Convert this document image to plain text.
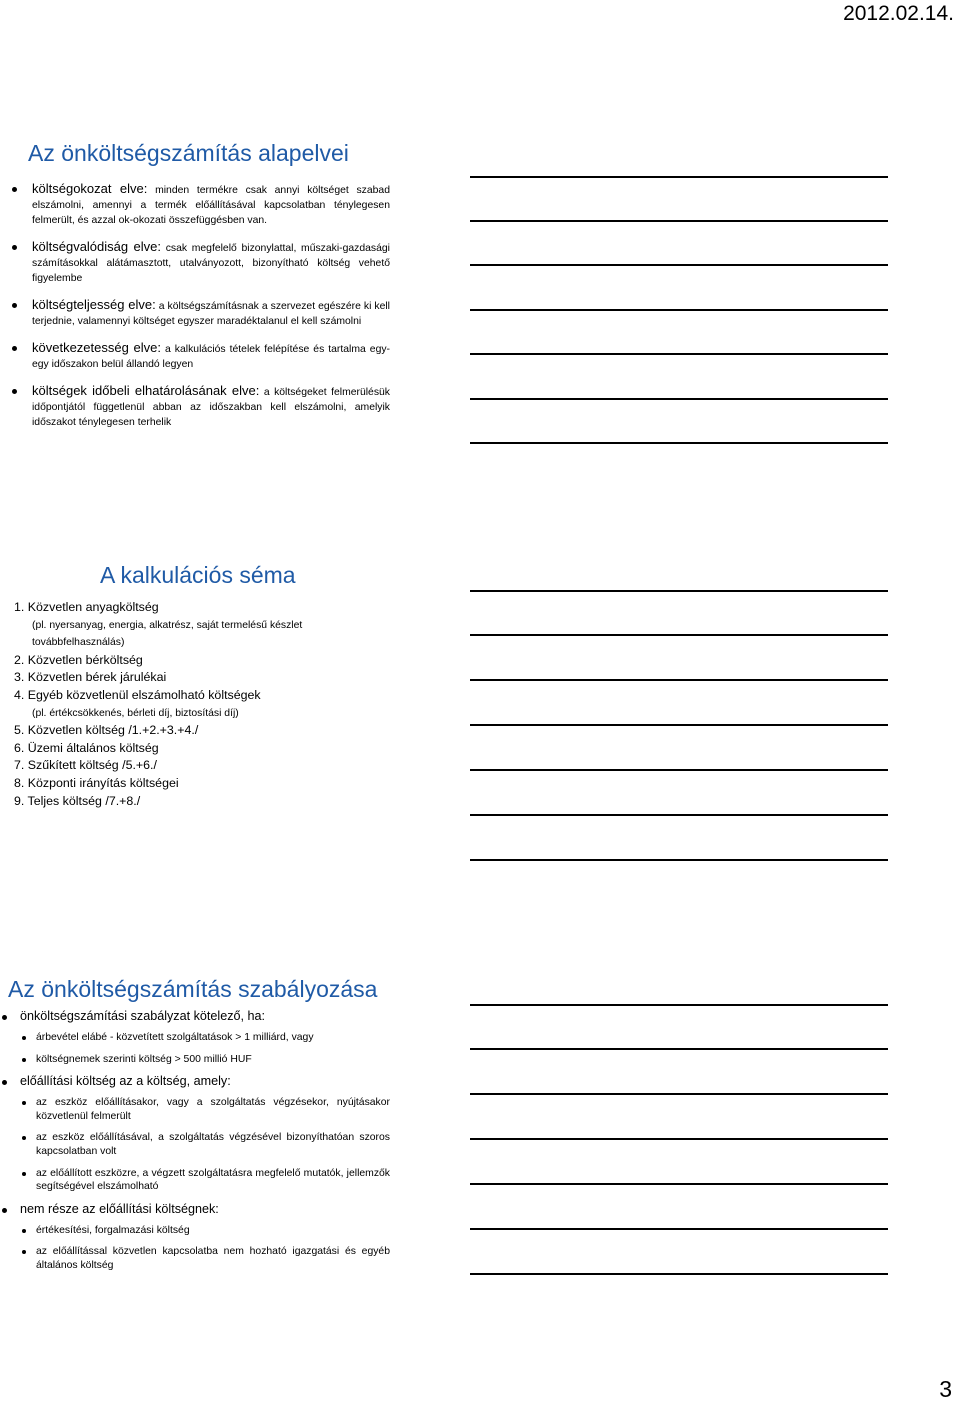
2012.02.14.
Az önköltségszámítás alapelvei
költségokozat elve: minden termékre csak annyi költséget szabad elszámolni, amennyi a termék előállításával kapcsolatban ténylegesen felmerült, és azzal ok-okozati összefüggésben van.
költségvalódiság elve: csak megfelelő bizonylattal, műszaki-gazdasági számításokkal alátámasztott, utalványozott, bizonyítható költség vehető figyelembe
költségteljesség elve: a költségszámításnak a szervezet egészére ki kell terjednie, valamennyi költséget egyszer maradéktalanul el kell számolni
következetesség elve: a kalkulációs tételek felépítése és tartalma egy-egy időszakon belül állandó legyen
költségek időbeli elhatárolásának elve: a költségeket felmerülésük időpontjától függetlenül abban az időszakban kell elszámolni, amelyik időszakot ténylegesen terhelik
A kalkulációs séma
1. Közvetlen anyagköltség
(pl. nyersanyag, energia, alkatrész, saját termelésű készlet
továbbfelhasználás)
2. Közvetlen bérköltség
3. Közvetlen bérek járulékai
4. Egyéb közvetlenül elszámolható költségek
(pl. értékcsökkenés, bérleti díj, biztosítási díj)
5. Közvetlen költség /1.+2.+3.+4./
6. Üzemi általános költség
7. Szűkített költség /5.+6./
8. Központi irányítás költségei
9. Teljes költség /7.+8./
Az önköltségszámítás szabályozása
önköltségszámítási szabályzat kötelező, ha:
árbevétel elábé - közvetített szolgáltatások > 1 milliárd, vagy
költségnemek szerinti költség > 500 millió HUF
előállítási költség az a költség, amely:
az eszköz előállításakor, vagy a szolgáltatás végzésekor, nyújtásakor közvetlenül felmerült
az eszköz előállításával, a szolgáltatás végzésével bizonyíthatóan szoros kapcsolatban volt
az előállított eszközre, a végzett szolgáltatásra megfelelő mutatók, jellemzők segítségével elszámolható
nem része az előállítási költségnek:
értékesítési, forgalmazási költség
az előállítással közvetlen kapcsolatba nem hozható igazgatási és egyéb általános költség
3
